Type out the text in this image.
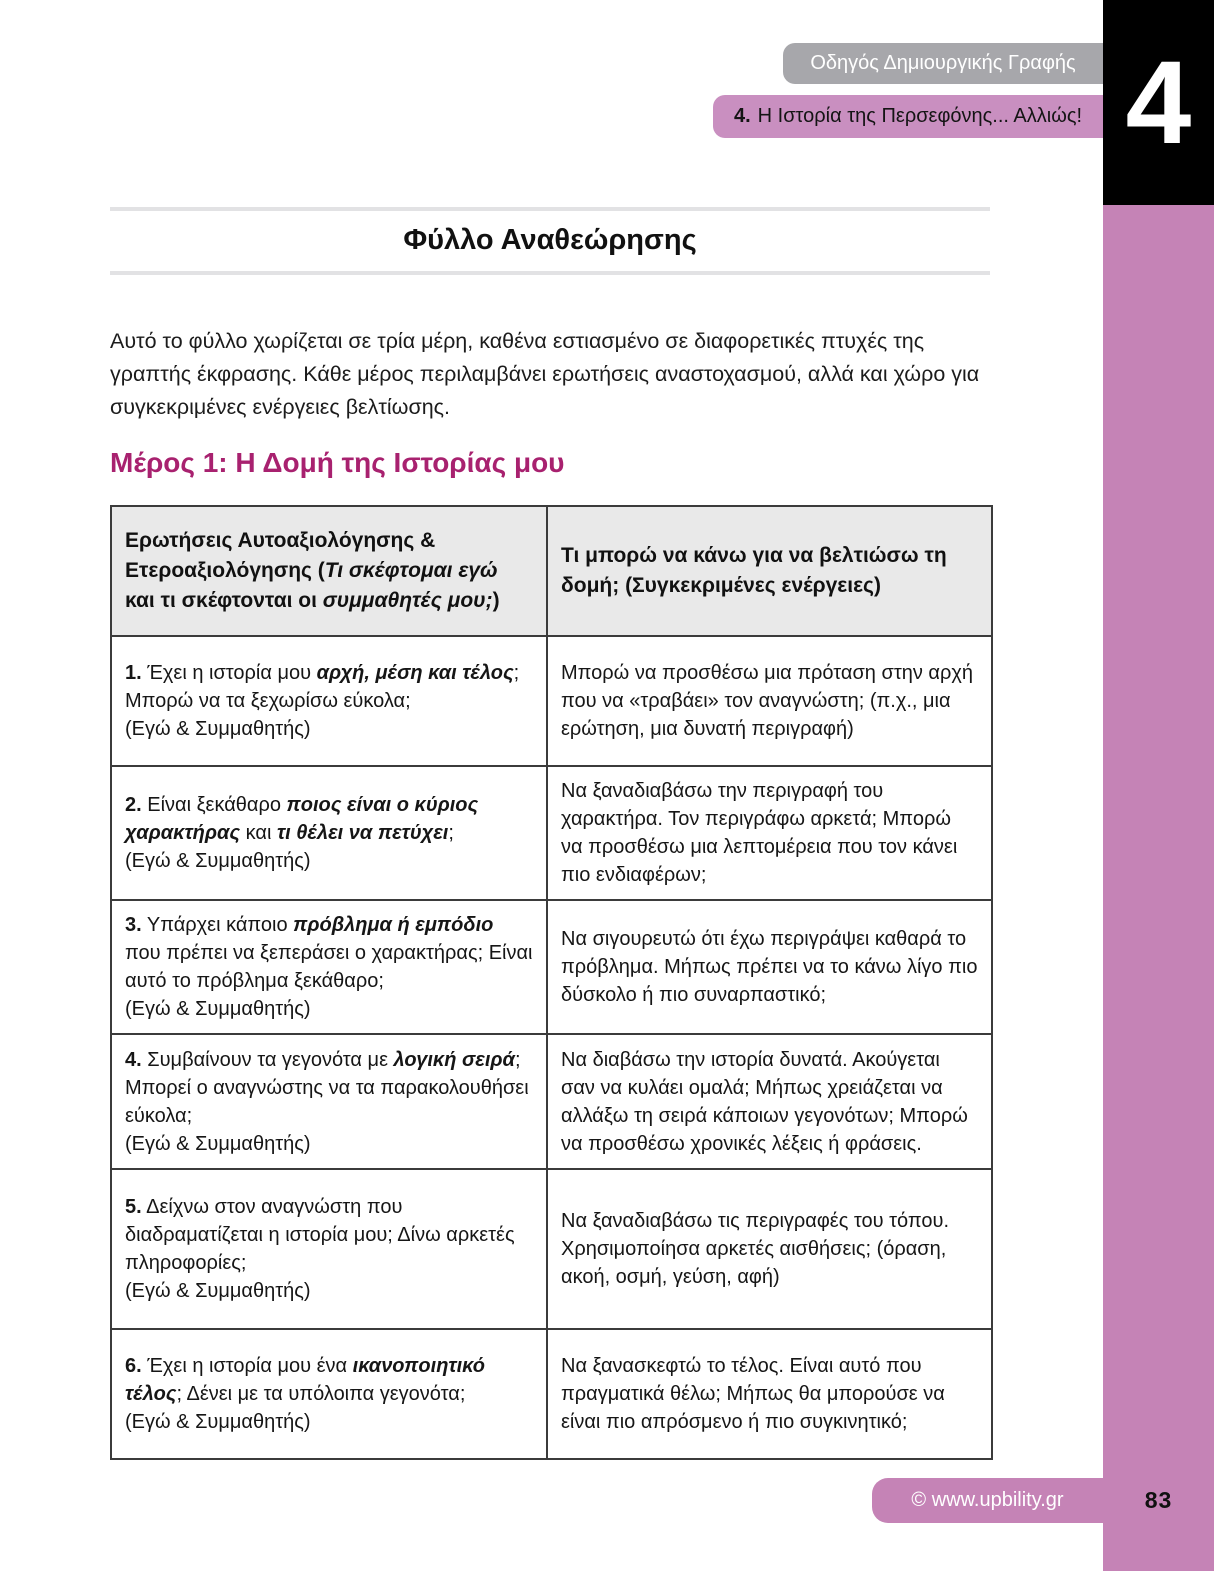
4
Οδηγός Δημιουργικής Γραφής
4. Η Ιστορία της Περσεφόνης... Αλλιώς!
Φύλλο Αναθεώρησης

Αυτό το φύλλο χωρίζεται σε τρία μέρη, καθένα εστιασμένο σε διαφορετικές πτυχές της γραπτής έκφρασης. Κάθε μέρος περιλαμβάνει ερωτήσεις αναστοχασμού, αλλά και χώρο για συγκεκριμένες ενέργειες βελτίωσης.

Μέρος 1: Η Δομή της Ιστορίας μου
Ερωτήσεις Αυτοαξιολόγησης & Ετεροαξιολόγησης (Τι σκέφτομαι εγώ και τι σκέφτονται οι συμμαθητές μου;)	Τι μπορώ να κάνω για να βελτιώσω τη δομή; (Συγκεκριμένες ενέργειες)
1. Έχει η ιστορία μου αρχή, μέση και τέλος; Μπορώ να τα ξεχωρίσω εύκολα;
(Εγώ & Συμμαθητής)	Μπορώ να προσθέσω μια πρόταση στην αρχή που να «τραβάει» τον αναγνώστη; (π.χ., μια ερώτηση, μια δυνατή περιγραφή)
2. Είναι ξεκάθαρο ποιος είναι ο κύριος χαρακτήρας και τι θέλει να πετύχει;
(Εγώ & Συμμαθητής)	Να ξαναδιαβάσω την περιγραφή του χαρακτήρα. Τον περιγράφω αρκετά; Μπορώ να προσθέσω μια λεπτομέρεια που τον κάνει πιο ενδιαφέρων;
3. Υπάρχει κάποιο πρόβλημα ή εμπόδιο που πρέπει να ξεπεράσει ο χαρακτήρας; Είναι αυτό το πρόβλημα ξεκάθαρο;
(Εγώ & Συμμαθητής)	Να σιγουρευτώ ότι έχω περιγράψει καθαρά το πρόβλημα. Μήπως πρέπει να το κάνω λίγο πιο δύσκολο ή πιο συναρπαστικό;
4. Συμβαίνουν τα γεγονότα με λογική σειρά; Μπορεί ο αναγνώστης να τα παρακολουθήσει εύκολα;
(Εγώ & Συμμαθητής)	Να διαβάσω την ιστορία δυνατά. Ακούγεται σαν να κυλάει ομαλά; Μήπως χρειάζεται να αλλάξω τη σειρά κάποιων γεγονότων; Μπορώ να προσθέσω χρονικές λέξεις ή φράσεις.
5. Δείχνω στον αναγνώστη που διαδραματίζεται η ιστορία μου; Δίνω αρκετές πληροφορίες;
(Εγώ & Συμμαθητής)	Να ξαναδιαβάσω τις περιγραφές του τόπου. Χρησιμοποίησα αρκετές αισθήσεις; (όραση, ακοή, οσμή, γεύση, αφή)
6. Έχει η ιστορία μου ένα ικανοποιητικό τέλος; Δένει με τα υπόλοιπα γεγονότα;
(Εγώ & Συμμαθητής)	Να ξανασκεφτώ το τέλος. Είναι αυτό που πραγματικά θέλω; Μήπως θα μπορούσε να είναι πιο απρόσμενο ή πιο συγκινητικό;
© www.upbility.gr	83
